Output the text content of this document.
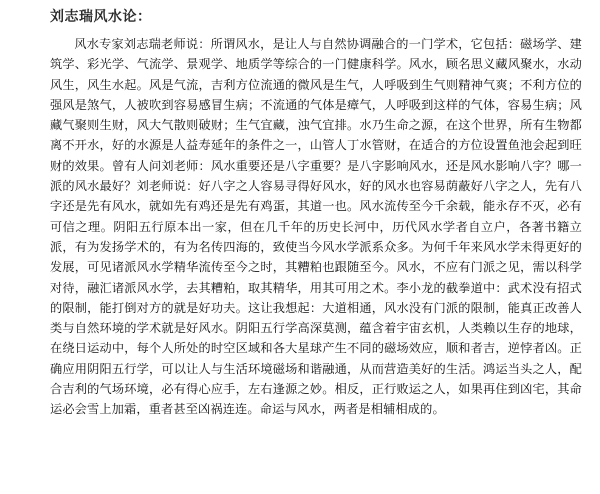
刘志瑞风水论：

风水专家刘志瑞老师说：所谓风水，是让人与自然协调融合的一门学术，它包括：磁场学、建筑学、彩光学、气流学、景观学、地质学等综合的一门健康科学。风水，顾名思义藏风聚水，水动风生，风生水起。风是气流，吉利方位流通的微风是生气，人呼吸到生气则精神气爽；不利方位的强风是煞气，人被吹到容易感冒生病；不流通的气体是瘴气，人呼吸到这样的气体，容易生病；风藏气聚则生财，风大气散则破财；生气宜藏，浊气宜排。水乃生命之源，在这个世界，所有生物都离不开水，好的水源是人益寿延年的条件之一，山管人丁水管财，在适合的方位设置鱼池会起到旺财的效果。曾有人问刘老师：风水重要还是八字重要？是八字影响风水，还是风水影响八字？哪一派的风水最好？刘老师说：好八字之人容易寻得好风水，好的风水也容易荫蔽好八字之人，先有八字还是先有风水，就如先有鸡还是先有鸡蛋，其道一也。风水流传至今千余载，能永存不灭，必有可信之理。阴阳五行原本出一家，但在几千年的历史长河中，历代风水学者自立户，各著书籍立派，有为发扬学术的，有为名传四海的，致使当今风水学派系众多。为何千年来风水学未得更好的发展，可见诸派风水学精华流传至今之时，其糟粕也跟随至今。风水，不应有门派之见，需以科学对待，融汇诸派风水学，去其糟粕，取其精华，用其可用之术。李小龙的截拳道中：武术没有招式的限制，能打倒对方的就是好功夫。这让我想起：大道相通，风水没有门派的限制，能真正改善人类与自然环境的学术就是好风水。阴阳五行学高深莫测，蕴含着宇宙玄机，人类赖以生存的地球，在绕日运动中，每个人所处的时空区域和各大星球产生不同的磁场效应，顺和者吉，逆悖者凶。正确应用阴阳五行学，可以让人与生活环境磁场和谐融通，从而营造美好的生活。鸿运当头之人，配合吉利的气场环境，必有得心应手，左右逢源之妙。相反，正行败运之人，如果再住到凶宅，其命运必会雪上加霜，重者甚至凶祸连连。命运与风水，两者是相辅相成的。
